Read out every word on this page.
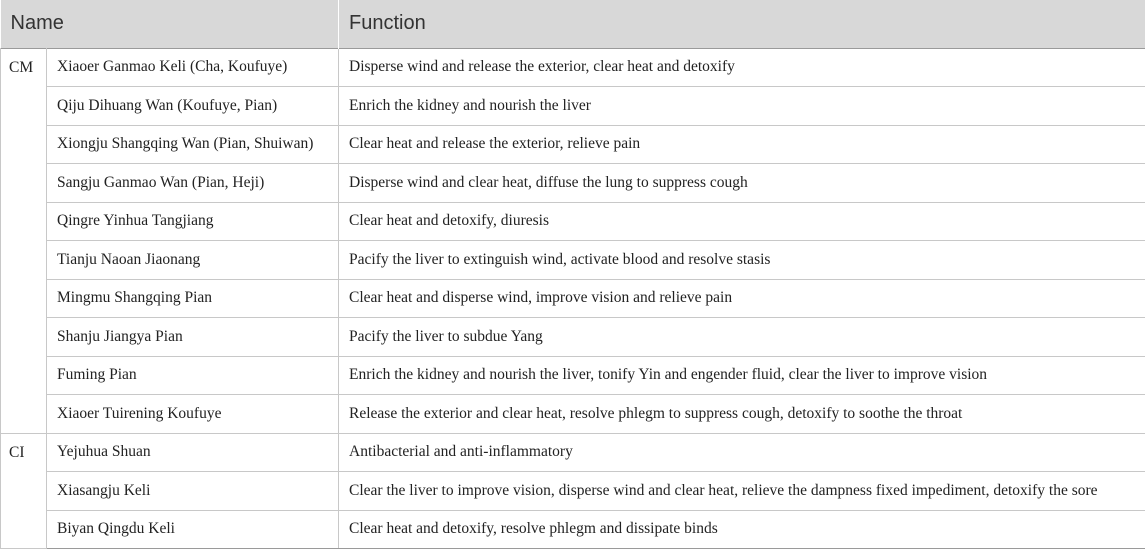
Name		Function
CM	Xiaoer Ganmao Keli (Cha, Koufuye)	Disperse wind and release the exterior, clear heat and detoxify
	Qiju Dihuang Wan (Koufuye, Pian)	Enrich the kidney and nourish the liver
	Xiongju Shangqing Wan (Pian, Shuiwan)	Clear heat and release the exterior, relieve pain
	Sangju Ganmao Wan (Pian, Heji)	Disperse wind and clear heat, diffuse the lung to suppress cough
	Qingre Yinhua Tangjiang	Clear heat and detoxify, diuresis
	Tianju Naoan Jiaonang	Pacify the liver to extinguish wind, activate blood and resolve stasis
	Mingmu Shangqing Pian	Clear heat and disperse wind, improve vision and relieve pain
	Shanju Jiangya Pian	Pacify the liver to subdue Yang
	Fuming Pian	Enrich the kidney and nourish the liver, tonify Yin and engender fluid, clear the liver to improve vision
	Xiaoer Tuirening Koufuye	Release the exterior and clear heat, resolve phlegm to suppress cough, detoxify to soothe the throat
CI	Yejuhua Shuan	Antibacterial and anti-inflammatory
	Xiasangju Keli	Clear the liver to improve vision, disperse wind and clear heat, relieve the dampness fixed impediment, detoxify the sore
	Biyan Qingdu Keli	Clear heat and detoxify, resolve phlegm and dissipate binds
